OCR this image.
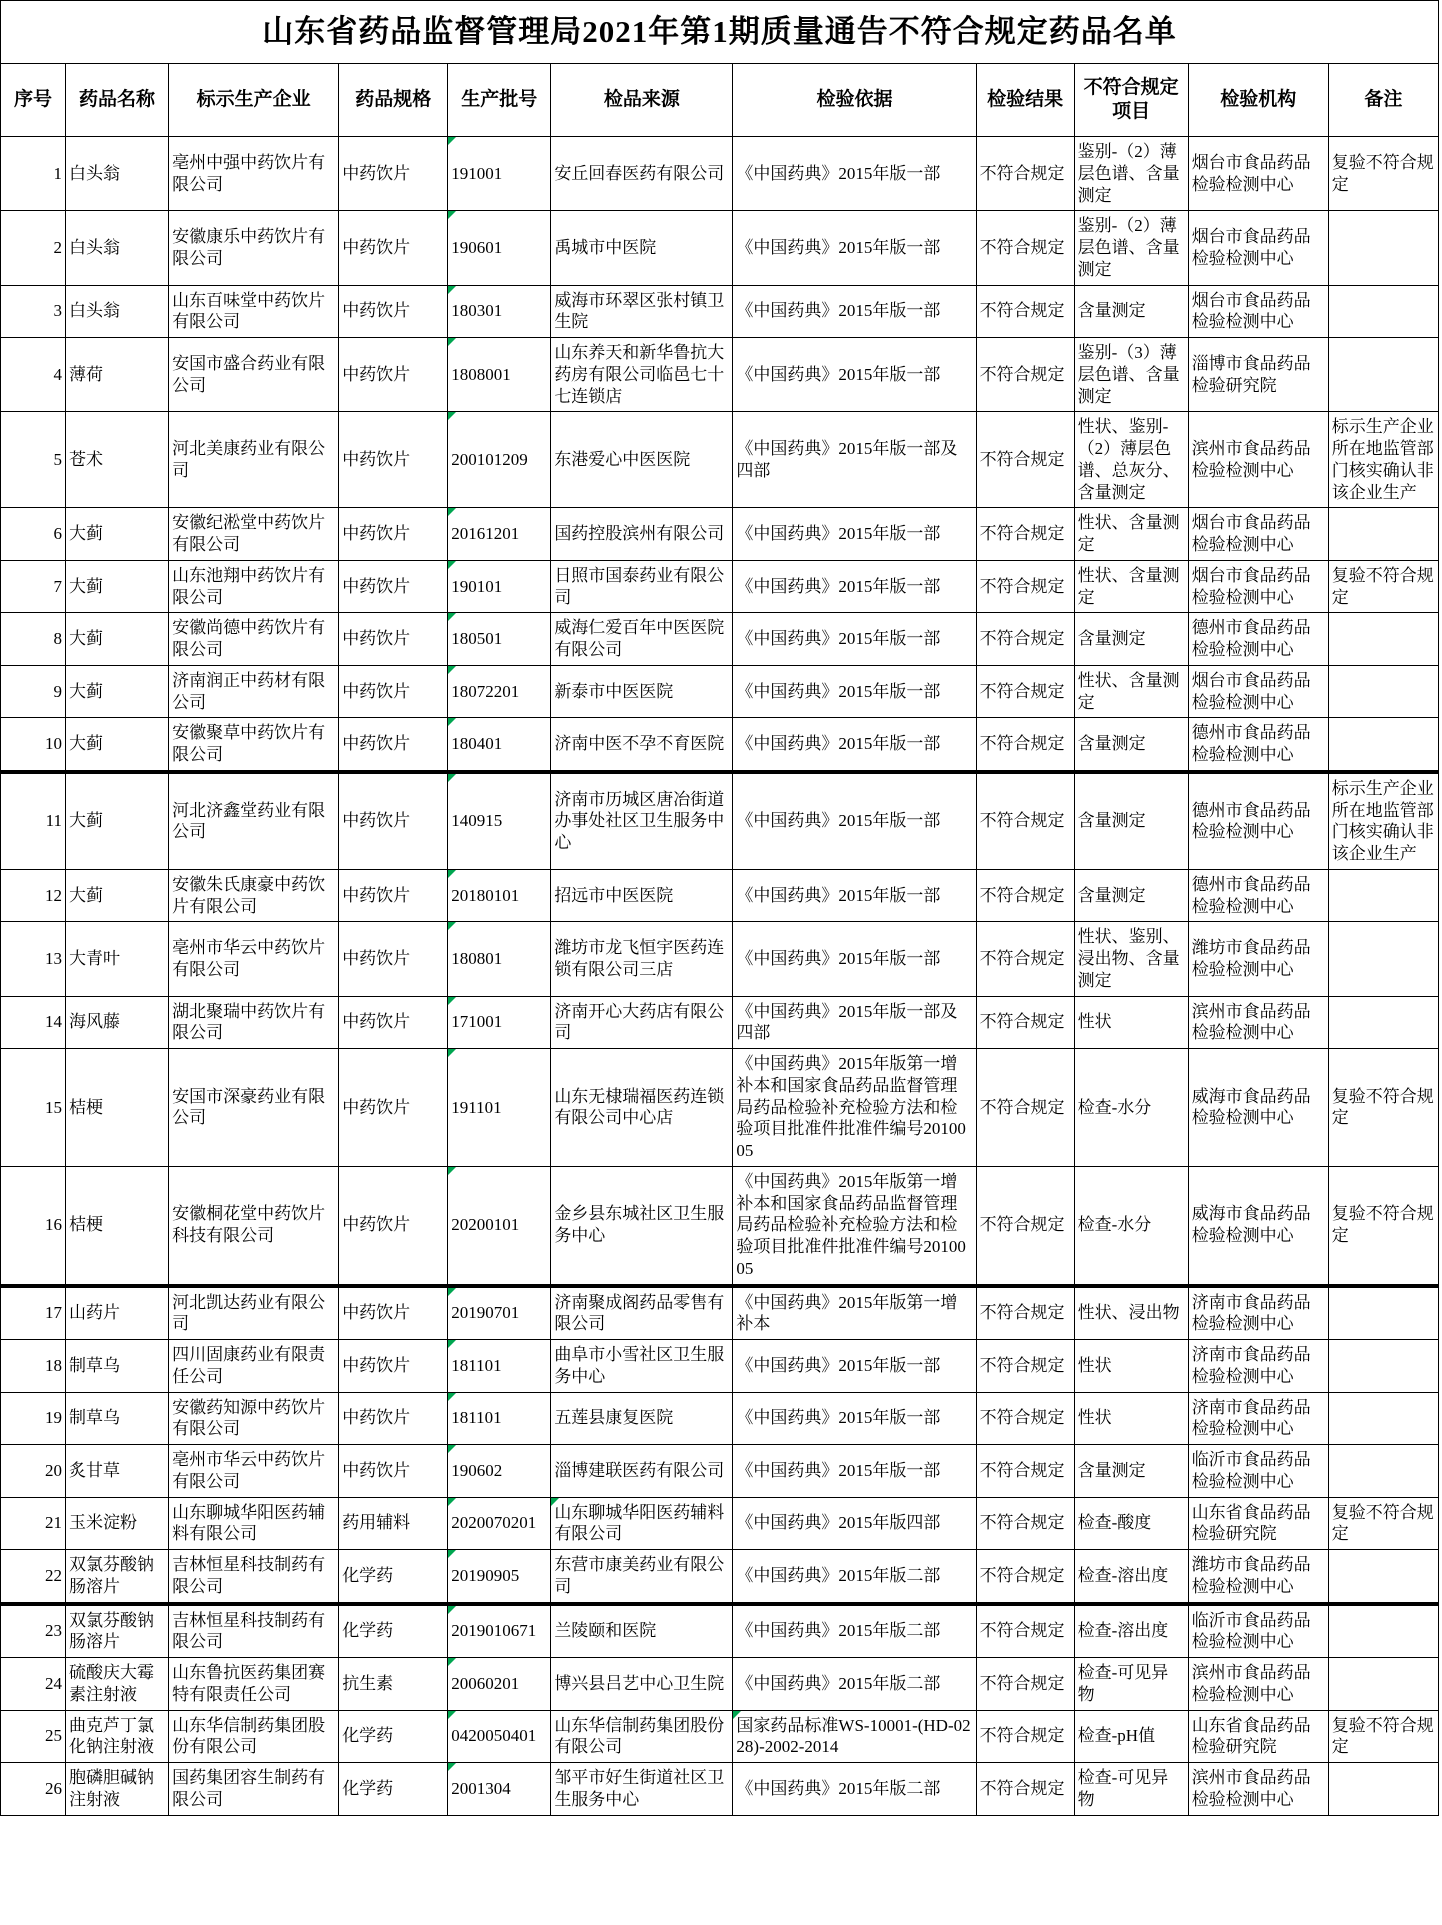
山东省药品监督管理局2021年第1期质量通告不符合规定药品名单										
序号	药品名称	标示生产企业	药品规格	生产批号	检品来源	检验依据	检验结果	不符合规定项目	检验机构	备注

1	白头翁	亳州中强中药饮片有限公司	中药饮片	191001	安丘回春医药有限公司	《中国药典》2015年版一部	不符合规定	鉴别-（2）薄层色谱、含量测定	烟台市食品药品检验检测中心	复验不符合规定

2	白头翁	安徽康乐中药饮片有限公司	中药饮片	190601	禹城市中医院	《中国药典》2015年版一部	不符合规定	鉴别-（2）薄层色谱、含量测定	烟台市食品药品检验检测中心	

3	白头翁	山东百味堂中药饮片有限公司	中药饮片	180301	威海市环翠区张村镇卫生院	《中国药典》2015年版一部	不符合规定	含量测定	烟台市食品药品检验检测中心	

4	薄荷	安国市盛合药业有限公司	中药饮片	1808001	山东养天和新华鲁抗大药房有限公司临邑七十七连锁店	《中国药典》2015年版一部	不符合规定	鉴别-（3）薄层色谱、含量测定	淄博市食品药品检验研究院	

5	苍术	河北美康药业有限公司	中药饮片	200101209	东港爱心中医医院	《中国药典》2015年版一部及四部	不符合规定	性状、鉴别-（2）薄层色谱、总灰分、含量测定	滨州市食品药品检验检测中心	标示生产企业所在地监管部门核实确认非该企业生产

6	大蓟	安徽纪淞堂中药饮片有限公司	中药饮片	20161201	国药控股滨州有限公司	《中国药典》2015年版一部	不符合规定	性状、含量测定	烟台市食品药品检验检测中心	

7	大蓟	山东池翔中药饮片有限公司	中药饮片	190101	日照市国泰药业有限公司	《中国药典》2015年版一部	不符合规定	性状、含量测定	烟台市食品药品检验检测中心	复验不符合规定

8	大蓟	安徽尚德中药饮片有限公司	中药饮片	180501	威海仁爱百年中医医院有限公司	《中国药典》2015年版一部	不符合规定	含量测定	德州市食品药品检验检测中心	

9	大蓟	济南润正中药材有限公司	中药饮片	18072201	新泰市中医医院	《中国药典》2015年版一部	不符合规定	性状、含量测定	烟台市食品药品检验检测中心	

10	大蓟	安徽聚草中药饮片有限公司	中药饮片	180401	济南中医不孕不育医院	《中国药典》2015年版一部	不符合规定	含量测定	德州市食品药品检验检测中心	

11	大蓟	河北济鑫堂药业有限公司	中药饮片	140915	济南市历城区唐冶街道办事处社区卫生服务中心	《中国药典》2015年版一部	不符合规定	含量测定	德州市食品药品检验检测中心	标示生产企业所在地监管部门核实确认非该企业生产

12	大蓟	安徽朱氏康豪中药饮片有限公司	中药饮片	20180101	招远市中医医院	《中国药典》2015年版一部	不符合规定	含量测定	德州市食品药品检验检测中心	

13	大青叶	亳州市华云中药饮片有限公司	中药饮片	180801	潍坊市龙飞恒宇医药连锁有限公司三店	《中国药典》2015年版一部	不符合规定	性状、鉴别、浸出物、含量测定	潍坊市食品药品检验检测中心	

14	海风藤	湖北聚瑞中药饮片有限公司	中药饮片	171001	济南开心大药店有限公司	《中国药典》2015年版一部及四部	不符合规定	性状	滨州市食品药品检验检测中心	

15	桔梗	安国市深豪药业有限公司	中药饮片	191101	山东无棣瑞福医药连锁有限公司中心店	《中国药典》2015年版第一增补本和国家食品药品监督管理局药品检验补充检验方法和检验项目批准件批准件编号2010005	不符合规定	检查-水分	威海市食品药品检验检测中心	复验不符合规定

16	桔梗	安徽桐花堂中药饮片科技有限公司	中药饮片	20200101	金乡县东城社区卫生服务中心	《中国药典》2015年版第一增补本和国家食品药品监督管理局药品检验补充检验方法和检验项目批准件批准件编号2010005	不符合规定	检查-水分	威海市食品药品检验检测中心	复验不符合规定

17	山药片	河北凯达药业有限公司	中药饮片	20190701	济南聚成阁药品零售有限公司	《中国药典》2015年版第一增补本	不符合规定	性状、浸出物	济南市食品药品检验检测中心	

18	制草乌	四川固康药业有限责任公司	中药饮片	181101	曲阜市小雪社区卫生服务中心	《中国药典》2015年版一部	不符合规定	性状	济南市食品药品检验检测中心	

19	制草乌	安徽药知源中药饮片有限公司	中药饮片	181101	五莲县康复医院	《中国药典》2015年版一部	不符合规定	性状	济南市食品药品检验检测中心	

20	炙甘草	亳州市华云中药饮片有限公司	中药饮片	190602	淄博建联医药有限公司	《中国药典》2015年版一部	不符合规定	含量测定	临沂市食品药品检验检测中心	

21	玉米淀粉	山东聊城华阳医药辅料有限公司	药用辅料	2020070201	山东聊城华阳医药辅料有限公司	《中国药典》2015年版四部	不符合规定	检查-酸度	山东省食品药品检验研究院	复验不符合规定

22	双氯芬酸钠肠溶片	吉林恒星科技制药有限公司	化学药	20190905	东营市康美药业有限公司	《中国药典》2015年版二部	不符合规定	检查-溶出度	潍坊市食品药品检验检测中心	

23	双氯芬酸钠肠溶片	吉林恒星科技制药有限公司	化学药	2019010671	兰陵颐和医院	《中国药典》2015年版二部	不符合规定	检查-溶出度	临沂市食品药品检验检测中心	

24	硫酸庆大霉素注射液	山东鲁抗医药集团赛特有限责任公司	抗生素	20060201	博兴县吕艺中心卫生院	《中国药典》2015年版二部	不符合规定	检查-可见异物	滨州市食品药品检验检测中心	

25	曲克芦丁氯化钠注射液	山东华信制药集团股份有限公司	化学药	0420050401	山东华信制药集团股份有限公司	国家药品标准WS-10001-(HD-0228)-2002-2014	不符合规定	检查-pH值	山东省食品药品检验研究院	复验不符合规定

26	胞磷胆碱钠注射液	国药集团容生制药有限公司	化学药	2001304	邹平市好生街道社区卫生服务中心	《中国药典》2015年版二部	不符合规定	检查-可见异物	滨州市食品药品检验检测中心	
